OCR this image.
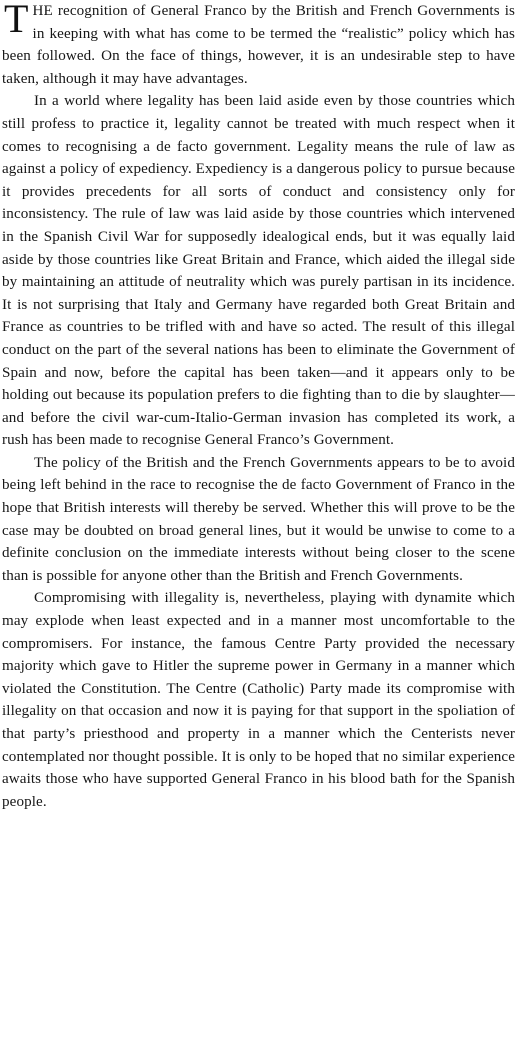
THE recognition of General Franco by the British and French Governments is in keeping with what has come to be termed the “realistic” policy which has been followed. On the face of things, however, it is an undesirable step to have taken, although it may have advantages.

In a world where legality has been laid aside even by those countries which still profess to practice it, legality cannot be treated with much respect when it comes to recognising a de facto government. Legality means the rule of law as against a policy of expediency. Expediency is a dangerous policy to pursue because it provides precedents for all sorts of conduct and consistency only for inconsistency. The rule of law was laid aside by those countries which intervened in the Spanish Civil War for supposedly idealogical ends, but it was equally laid aside by those countries like Great Britain and France, which aided the illegal side by maintaining an attitude of neutrality which was purely partisan in its incidence. It is not surprising that Italy and Germany have regarded both Great Britain and France as countries to be trifled with and have so acted. The result of this illegal conduct on the part of the several nations has been to eliminate the Government of Spain and now, before the capital has been taken—and it appears only to be holding out because its population prefers to die fighting than to die by slaughter—and before the civil war-cum-Italio-German invasion has completed its work, a rush has been made to recognise General Franco’s Government.

The policy of the British and the French Governments appears to be to avoid being left behind in the race to recognise the de facto Government of Franco in the hope that British interests will thereby be served. Whether this will prove to be the case may be doubted on broad general lines, but it would be unwise to come to a definite conclusion on the immediate interests without being closer to the scene than is possible for anyone other than the British and French Governments.

Compromising with illegality is, nevertheless, playing with dynamite which may explode when least expected and in a manner most uncomfortable to the compromisers. For instance, the famous Centre Party provided the necessary majority which gave to Hitler the supreme power in Germany in a manner which violated the Constitution. The Centre (Catholic) Party made its compromise with illegality on that occasion and now it is paying for that support in the spoliation of that party’s priesthood and property in a manner which the Centerists never contemplated nor thought possible. It is only to be hoped that no similar experience awaits those who have supported General Franco in his blood bath for the Spanish people.
